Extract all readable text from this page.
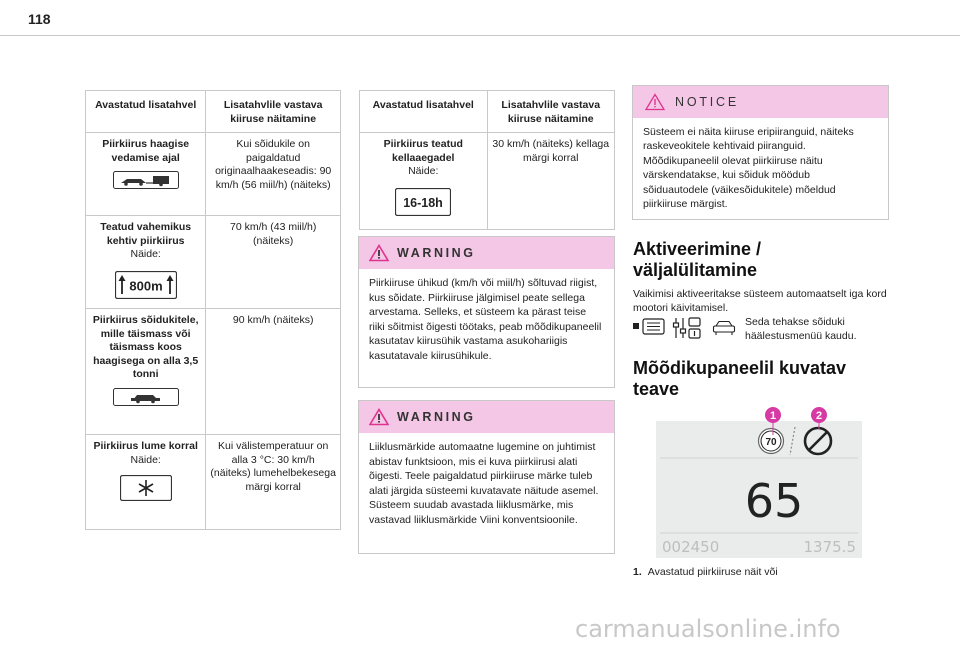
118
Avastatud lisatahvel	Lisatahvlile vastava kiiruse näitamine

Piirkiirus haagise vedamise ajal	Kui sõidukile on paigaldatud originaalhaakeseadis: 90 km/h (56 miil/h) (näiteks)

Teatud vahemikus kehtiv piirkiirus
Näide:
800m	70 km/h (43 miil/h) (näiteks)

Piirkiirus sõidukitele, mille täismass või täismass koos haagisega on alla 3,5 tonni	90 km/h (näiteks)

Piirkiirus lume korral
Näide:	Kui välistemperatuur on alla 3 °C: 30 km/h (näiteks) lumehelbekesega märgi korral
Avastatud lisatahvel	Lisatahvlile vastava kiiruse näitamine

Piirkiirus teatud kellaaegadel
Näide:
16-18h	30 km/h (näiteks) kellaga märgi korral
WARNING
Piirkiiruse ühikud (km/h või miil/h) sõltuvad riigist, kus sõidate. Piirkiiruse jälgimisel peate sellega arvestama. Selleks, et süsteem ka pärast teise riiki sõitmist õigesti töötaks, peab mõõdikupaneelil kasutatav kiirusühik vastama asukohariigis kasutatavale kiirusühikule.
WARNING
Liiklusmärkide automaatne lugemine on juhtimist abistav funktsioon, mis ei kuva piirkiirusi alati õigesti. Teele paigaldatud piirkiiruse märke tuleb alati järgida süsteemi kuvatavate näitude asemel. Süsteem suudab avastada liiklusmärke, mis vastavad liiklusmärkide Viini konventsioonile.
NOTICE
Süsteem ei näita kiiruse eripiiranguid, näiteks raskeveokitele kehtivaid piiranguid. Mõõdikupaneelil olevat piirkiiruse näitu värskendatakse, kui sõiduk möödub sõiduautodele (väikesõidukitele) mõeldud piirkiiruse märgist.
Aktiveerimine / väljalülitamine
Vaikimisi aktiveeritakse süsteem automaatselt iga kord mootori käivitamisel.
Seda tehakse sõiduki häälestusmenüü kaudu.
Mõõdikupaneelil kuvatav teave
70
65
002450	1375.5
1	2
1. Avastatud piirkiiruse näit või
carmanualsonline.info
